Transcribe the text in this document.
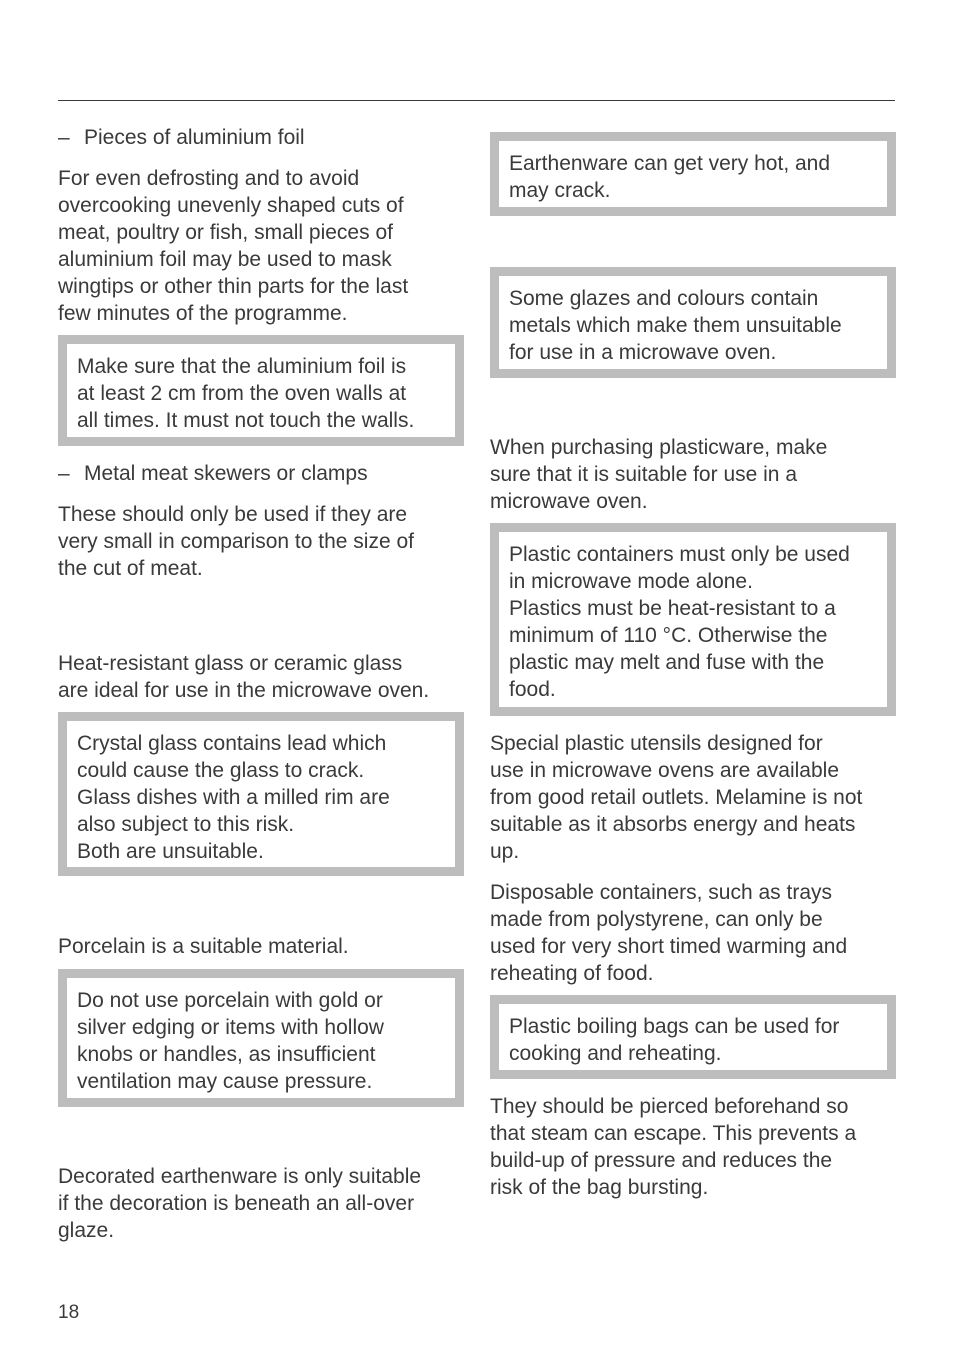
– Pieces of aluminium foil

For even defrosting and to avoid
overcooking unevenly shaped cuts of
meat, poultry or fish, small pieces of
aluminium foil may be used to mask
wingtips or other thin parts for the last
few minutes of the programme.

Make sure that the aluminium foil is
at least 2 cm from the oven walls at
all times. It must not touch the walls.

– Metal meat skewers or clamps

These should only be used if they are
very small in comparison to the size of
the cut of meat.

Heat-resistant glass or ceramic glass
are ideal for use in the microwave oven.

Crystal glass contains lead which
could cause the glass to crack.
Glass dishes with a milled rim are
also subject to this risk.
Both are unsuitable.

Porcelain is a suitable material.

Do not use porcelain with gold or
silver edging or items with hollow
knobs or handles, as insufficient
ventilation may cause pressure.

Decorated earthenware is only suitable
if the decoration is beneath an all-over
glaze.

Earthenware can get very hot, and
may crack.

Some glazes and colours contain
metals which make them unsuitable
for use in a microwave oven.

When purchasing plasticware, make
sure that it is suitable for use in a
microwave oven.

Plastic containers must only be used
in microwave mode alone.
Plastics must be heat-resistant to a
minimum of 110 °C. Otherwise the
plastic may melt and fuse with the
food.

Special plastic utensils designed for
use in microwave ovens are available
from good retail outlets. Melamine is not
suitable as it absorbs energy and heats
up.

Disposable containers, such as trays
made from polystyrene, can only be
used for very short timed warming and
reheating of food.

Plastic boiling bags can be used for
cooking and reheating.

They should be pierced beforehand so
that steam can escape. This prevents a
build-up of pressure and reduces the
risk of the bag bursting.

18
